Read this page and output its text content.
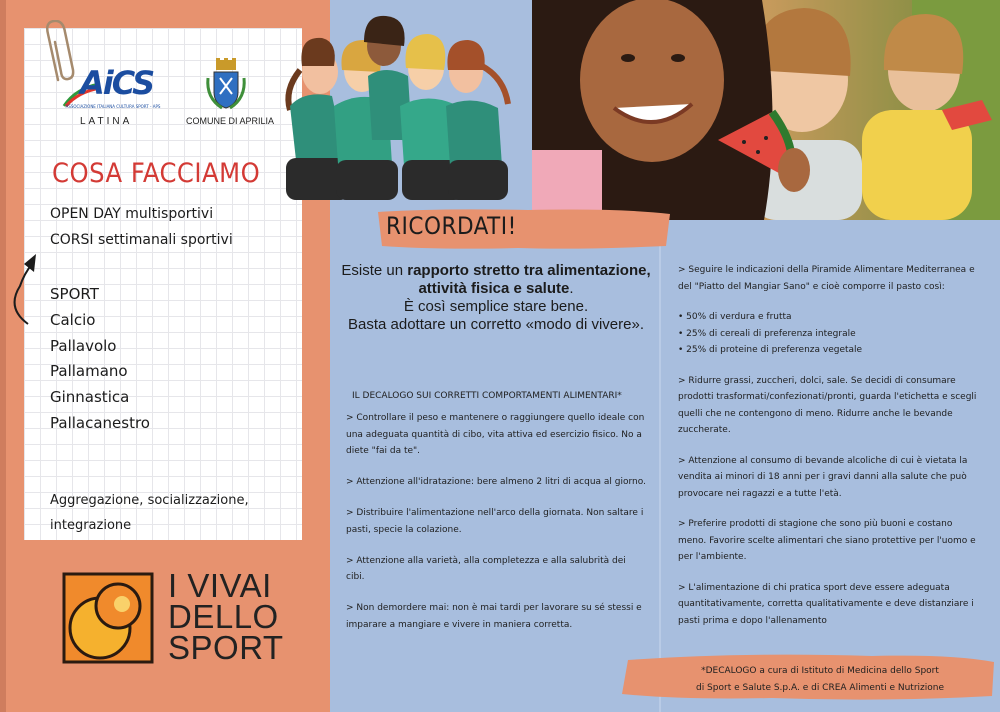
AiCS
ASSOCIAZIONE ITALIANA CULTURA SPORT - APS
LATINA	COMUNE DI APRILIA
COSA FACCIAMO
OPEN DAY multisportivi
CORSI settimanali sportivi
SPORT
Calcio
Pallavolo
Pallamano
Ginnastica
Pallacanestro
Aggregazione, socializzazione, integrazione
I VIVAI
DELLO
SPORT
RICORDATI!
Esiste un rapporto stretto tra alimentazione, attività fisica e salute.
È così semplice stare bene.
Basta adottare un corretto «modo di vivere».
IL DECALOGO SUI CORRETTI COMPORTAMENTI ALIMENTARI*

> Controllare il peso e mantenere o raggiungere quello ideale con una adeguata quantità di cibo, vita attiva ed esercizio fisico. No a diete "fai da te".

> Attenzione all'idratazione: bere almeno 2 litri di acqua al giorno.

> Distribuire l'alimentazione nell'arco della giornata. Non saltare i pasti, specie la colazione.

> Attenzione alla varietà, alla completezza e alla salubrità dei cibi.

> Non demordere mai: non è mai tardi per lavorare su sé stessi e imparare a mangiare e vivere in maniera corretta.

> Seguire le indicazioni della Piramide Alimentare Mediterranea e del "Piatto del Mangiar Sano" e cioè comporre il pasto così:

• 50% di verdura e frutta
• 25% di cereali di preferenza integrale
• 25% di proteine di preferenza vegetale

> Ridurre grassi, zuccheri, dolci, sale. Se decidi di consumare prodotti trasformati/confezionati/pronti, guarda l'etichetta e scegli quelli che ne contengono di meno. Ridurre anche le bevande zuccherate.

> Attenzione al consumo di bevande alcoliche di cui è vietata la vendita ai minori di 18 anni per i gravi danni alla salute che può provocare nei ragazzi e a tutte l'età.

> Preferire prodotti di stagione che sono più buoni e costano meno. Favorire scelte alimentari che siano protettive per l'uomo e per l'ambiente.

> L'alimentazione di chi pratica sport deve essere adeguata quantitativamente, corretta qualitativamente e deve distanziare i pasti prima e dopo l'allenamento

*DECALOGO a cura di Istituto di Medicina dello Sport
di Sport e Salute S.p.A. e di CREA Alimenti e Nutrizione
